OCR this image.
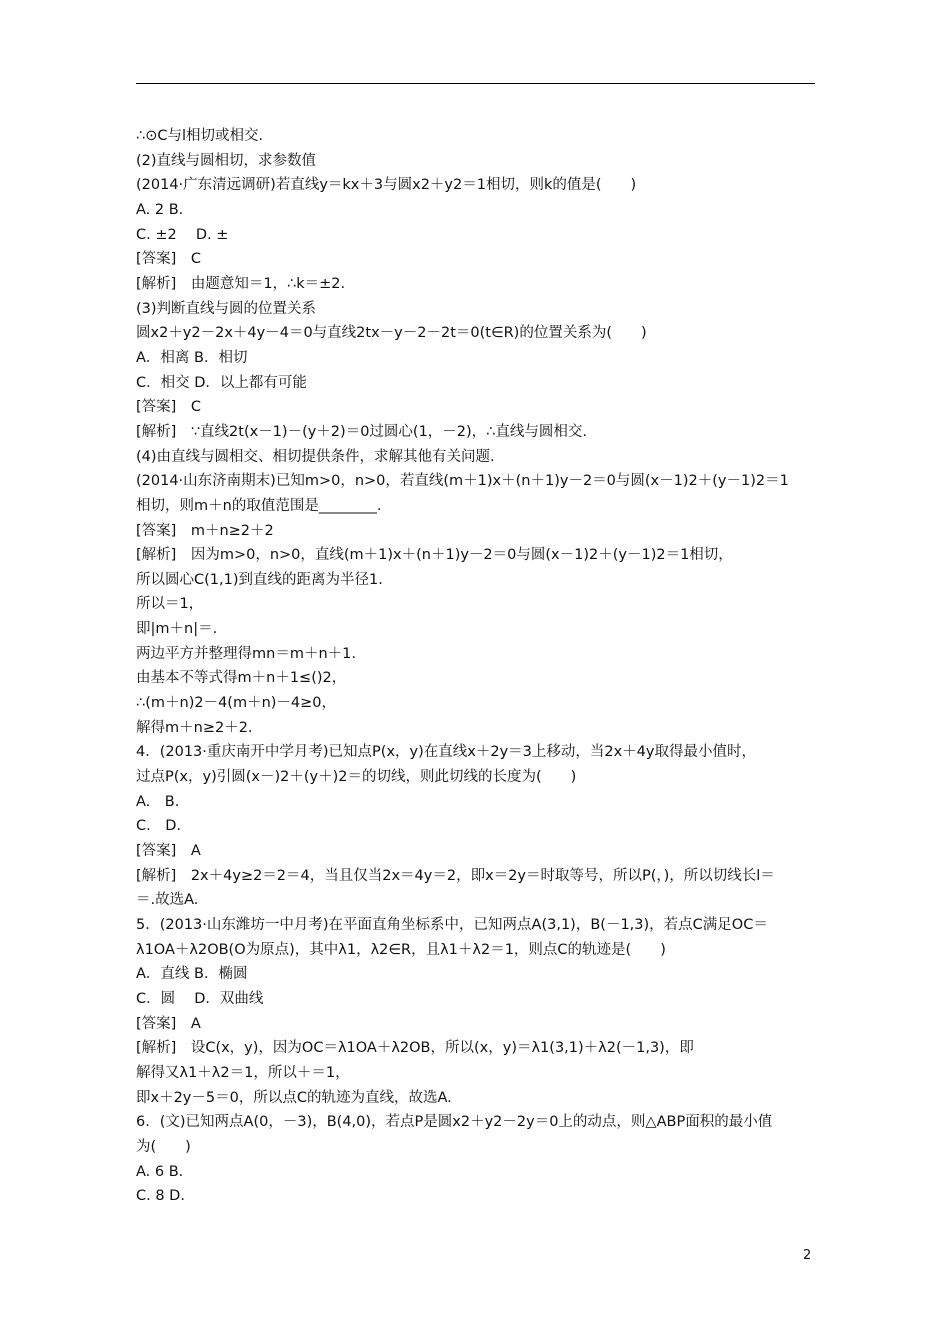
∴⊙C与l相切或相交.
(2)直线与圆相切，求参数值
(2014·广东清远调研)若直线y＝kx＋3与圆x2＋y2＝1相切，则k的值是(　　)
A. 2 B.
C. ±2　 D. ±
[答案]　C
[解析]　由题意知＝1，∴k＝±2.
(3)判断直线与圆的位置关系
圆x2＋y2－2x＋4y－4＝0与直线2tx－y－2－2t＝0(t∈R)的位置关系为(　　)
A．相离 B．相切
C．相交 D．以上都有可能
[答案]　C
[解析]　∵直线2t(x－1)－(y＋2)＝0过圆心(1，－2)，∴直线与圆相交.
(4)由直线与圆相交、相切提供条件，求解其他有关问题.
(2014·山东济南期末)已知m>0，n>0，若直线(m＋1)x＋(n＋1)y－2＝0与圆(x－1)2＋(y－1)2＝1
相切，则m＋n的取值范围是________.
[答案]　m＋n≥2＋2
[解析]　因为m>0，n>0，直线(m＋1)x＋(n＋1)y－2＝0与圆(x－1)2＋(y－1)2＝1相切，
所以圆心C(1,1)到直线的距离为半径1.
所以＝1，
即|m＋n|＝.
两边平方并整理得mn＝m＋n＋1.
由基本不等式得m＋n＋1≤()2，
∴(m＋n)2－4(m＋n)－4≥0，
解得m＋n≥2＋2.
4．(2013·重庆南开中学月考)已知点P(x，y)在直线x＋2y＝3上移动，当2x＋4y取得最小值时，
过点P(x，y)引圆(x－)2＋(y＋)2＝的切线，则此切线的长度为(　　)
A.　B.
C.　D.
[答案]　A
[解析]　2x＋4y≥2＝2＝4，当且仅当2x＝4y＝2，即x＝2y＝时取等号，所以P(，)，所以切线长l＝
＝.故选A.
5．(2013·山东潍坊一中月考)在平面直角坐标系中，已知两点A(3,1)，B(－1,3)，若点C满足OC＝
λ1OA＋λ2OB(O为原点)，其中λ1，λ2∈R，且λ1＋λ2＝1，则点C的轨迹是(　　)
A．直线 B．椭圆
C．圆　 D．双曲线
[答案]　A
[解析]　设C(x，y)，因为OC＝λ1OA＋λ2OB，所以(x，y)＝λ1(3,1)＋λ2(－1,3)，即
解得又λ1＋λ2＝1，所以＋＝1，
即x＋2y－5＝0，所以点C的轨迹为直线，故选A.
6．(文)已知两点A(0，－3)，B(4,0)，若点P是圆x2＋y2－2y＝0上的动点，则△ABP面积的最小值
为(　　)
A. 6 B.
C. 8 D.
2
